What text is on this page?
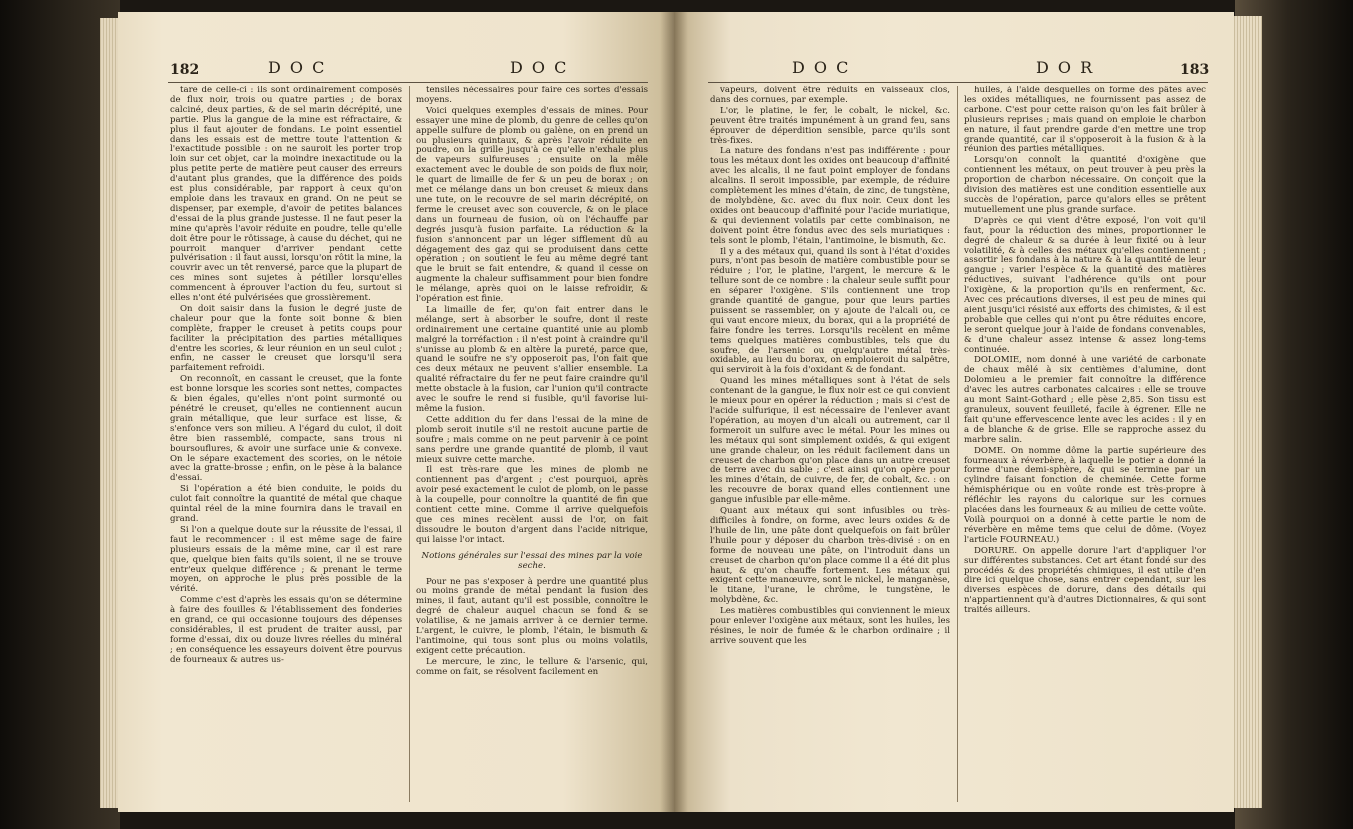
182	D O C	D O C

tare de celle-ci : ils sont ordinairement composés de flux noir, trois ou quatre parties ; de borax calciné, deux parties, & de sel marin décrépité, une partie. Plus la gangue de la mine est réfractaire, & plus il faut ajouter de fondans. Le point essentiel dans les essais est de mettre toute l'attention & l'exactitude possible : on ne sauroit les porter trop loin sur cet objet, car la moindre inexactitude ou la plus petite perte de matière peut causer des erreurs d'autant plus grandes, que la différence des poids est plus considérable, par rapport à ceux qu'on emploie dans les travaux en grand. On ne peut se dispenser, par exemple, d'avoir de petites balances d'essai de la plus grande justesse. Il ne faut peser la mine qu'après l'avoir réduite en poudre, telle qu'elle doit être pour le rôtissage, à cause du déchet, qui ne pourroit manquer d'arriver pendant cette pulvérisation : il faut aussi, lorsqu'on rôtit la mine, la couvrir avec un têt renversé, parce que la plupart de ces mines sont sujetes à pétiller lorsqu'elles commencent à éprouver l'action du feu, surtout si elles n'ont été pulvérisées que grossièrement.

On doit saisir dans la fusion le degré juste de chaleur pour que la fonte soit bonne & bien complète, frapper le creuset à petits coups pour faciliter la précipitation des parties métalliques d'entre les scories, & leur réunion en un seul culot ; enfin, ne casser le creuset que lorsqu'il sera parfaitement refroidi.

On reconnoît, en cassant le creuset, que la fonte est bonne lorsque les scories sont nettes, compactes & bien égales, qu'elles n'ont point surmonté ou pénétré le creuset, qu'elles ne contiennent aucun grain métallique, que leur surface est lisse, & s'enfonce vers son milieu. A l'égard du culot, il doit être bien rassemblé, compacte, sans trous ni boursouflures, & avoir une surface unie & convexe. On le sépare exactement des scories, on le nétoie avec la gratte-brosse ; enfin, on le pèse à la balance d'essai.

Si l'opération a été bien conduite, le poids du culot fait connoître la quantité de métal que chaque quintal réel de la mine fournira dans le travail en grand.

Si l'on a quelque doute sur la réussite de l'essai, il faut le recommencer : il est même sage de faire plusieurs essais de la même mine, car il est rare que, quelque bien faits qu'ils soient, il ne se trouve entr'eux quelque différence ; & prenant le terme moyen, on approche le plus près possible de la vérité.

Comme c'est d'après les essais qu'on se détermine à faire des fouilles & l'établissement des fonderies en grand, ce qui occasionne toujours des dépenses considérables, il est prudent de traiter aussi, par forme d'essai, dix ou douze livres réelles du minéral ; en conséquence les essayeurs doivent être pourvus de fourneaux & autres us-

tensiles nécessaires pour faire ces sortes d'essais moyens.

Voici quelques exemples d'essais de mines. Pour essayer une mine de plomb, du genre de celles qu'on appelle sulfure de plomb ou galène, on en prend un ou plusieurs quintaux, & après l'avoir réduite en poudre, on la grille jusqu'à ce qu'elle n'exhale plus de vapeurs sulfureuses ; ensuite on la mêle exactement avec le double de son poids de flux noir, le quart de limaille de fer & un peu de borax ; on met ce mélange dans un bon creuset & mieux dans une tute, on le recouvre de sel marin décrépité, on ferme le creuset avec son couvercle, & on le place dans un fourneau de fusion, où on l'échauffe par degrés jusqu'à fusion parfaite. La réduction & la fusion s'annoncent par un léger sifflement dû au dégagement des gaz qui se produisent dans cette opération ; on soutient le feu au même degré tant que le bruit se fait entendre, & quand il cesse on augmente la chaleur suffisamment pour bien fondre le mélange, après quoi on le laisse refroidir, & l'opération est finie.

La limaille de fer, qu'on fait entrer dans le mélange, sert à absorber le soufre, dont il reste ordinairement une certaine quantité unie au plomb malgré la torréfaction : il n'est point à craindre qu'il s'unisse au plomb & en altère la pureté, parce que, quand le soufre ne s'y opposeroit pas, l'on fait que ces deux métaux ne peuvent s'allier ensemble. La qualité réfractaire du fer ne peut faire craindre qu'il mette obstacle à la fusion, car l'union qu'il contracte avec le soufre le rend si fusible, qu'il favorise lui-même la fusion.

Cette addition du fer dans l'essai de la mine de plomb seroit inutile s'il ne restoit aucune partie de soufre ; mais comme on ne peut parvenir à ce point sans perdre une grande quantité de plomb, il vaut mieux suivre cette marche.

Il est très-rare que les mines de plomb ne contiennent pas d'argent ; c'est pourquoi, après avoir pesé exactement le culot de plomb, on le passe à la coupelle, pour connoître la quantité de fin que contient cette mine. Comme il arrive quelquefois que ces mines recèlent aussi de l'or, on fait dissoudre le bouton d'argent dans l'acide nitrique, qui laisse l'or intact.

Notions générales sur l'essai des mines par la voie seche.

Pour ne pas s'exposer à perdre une quantité plus ou moins grande de métal pendant la fusion des mines, il faut, autant qu'il est possible, connoître le degré de chaleur auquel chacun se fond & se volatilise, & ne jamais arriver à ce dernier terme. L'argent, le cuivre, le plomb, l'étain, le bismuth & l'antimoine, qui tous sont plus ou moins volatils, exigent cette précaution.

Le mercure, le zinc, le tellure & l'arsenic, qui, comme on fait, se résolvent facilement en

D O C	D O R	183

vapeurs, doivent être réduits en vaisseaux clos, dans des cornues, par exemple.

L'or, le platine, le fer, le cobalt, le nickel, &c. peuvent être traités impunément à un grand feu, sans éprouver de déperdition sensible, parce qu'ils sont très-fixes.

La nature des fondans n'est pas indifférente : pour tous les métaux dont les oxides ont beaucoup d'affinité avec les alcalis, il ne faut point employer de fondans alcalins. Il seroit impossible, par exemple, de réduire complètement les mines d'étain, de zinc, de tungstène, de molybdène, &c. avec du flux noir. Ceux dont les oxides ont beaucoup d'affinité pour l'acide muriatique, & qui deviennent volatils par cette combinaison, ne doivent point être fondus avec des sels muriatiques : tels sont le plomb, l'étain, l'antimoine, le bismuth, &c.

Il y a des métaux qui, quand ils sont à l'état d'oxides purs, n'ont pas besoin de matière combustible pour se réduire ; l'or, le platine, l'argent, le mercure & le tellure sont de ce nombre : la chaleur seule suffit pour en séparer l'oxigène. S'ils contiennent une trop grande quantité de gangue, pour que leurs parties puissent se rassembler, on y ajoute de l'alcali ou, ce qui vaut encore mieux, du borax, qui a la propriété de faire fondre les terres. Lorsqu'ils recèlent en même tems quelques matières combustibles, tels que du soufre, de l'arsenic ou quelqu'autre métal très-oxidable, au lieu du borax, on emploieroit du salpêtre, qui serviroit à la fois d'oxidant & de fondant.

Quand les mines métalliques sont à l'état de sels contenant de la gangue, le flux noir est ce qui convient le mieux pour en opérer la réduction ; mais si c'est de l'acide sulfurique, il est nécessaire de l'enlever avant l'opération, au moyen d'un alcali ou autrement, car il formeroit un sulfure avec le métal. Pour les mines ou les métaux qui sont simplement oxidés, & qui exigent une grande chaleur, on les réduit facilement dans un creuset de charbon qu'on place dans un autre creuset de terre avec du sable ; c'est ainsi qu'on opère pour les mines d'étain, de cuivre, de fer, de cobalt, &c. : on les recouvre de borax quand elles contiennent une gangue infusible par elle-même.

Quant aux métaux qui sont infusibles ou très-difficiles à fondre, on forme, avec leurs oxides & de l'huile de lin, une pâte dont quelquefois on fait brûler l'huile pour y déposer du charbon très-divisé : on en forme de nouveau une pâte, on l'introduit dans un creuset de charbon qu'on place comme il a été dit plus haut, & qu'on chauffe fortement. Les métaux qui exigent cette manœuvre, sont le nickel, le manganèse, le titane, l'urane, le chrôme, le tungstène, le molybdène, &c.

Les matières combustibles qui conviennent le mieux pour enlever l'oxigène aux métaux, sont les huiles, les résines, le noir de fumée & le charbon ordinaire ; il arrive souvent que les

huiles, à l'aide desquelles on forme des pâtes avec les oxides métalliques, ne fournissent pas assez de carbone. C'est pour cette raison qu'on les fait brûler à plusieurs reprises ; mais quand on emploie le charbon en nature, il faut prendre garde d'en mettre une trop grande quantité, car il s'opposeroit à la fusion & à la réunion des parties métalliques.

Lorsqu'on connoît la quantité d'oxigène que contiennent les métaux, on peut trouver à peu près la proportion de charbon nécessaire. On conçoit que la division des matières est une condition essentielle aux succès de l'opération, parce qu'alors elles se prêtent mutuellement une plus grande surface.

D'après ce qui vient d'être exposé, l'on voit qu'il faut, pour la réduction des mines, proportionner le degré de chaleur & sa durée à leur fixité ou à leur volatilité, & à celles des métaux qu'elles contiennent ; assortir les fondans à la nature & à la quantité de leur gangue ; varier l'espèce & la quantité des matières réductives, suivant l'adhérence qu'ils ont pour l'oxigène, & la proportion qu'ils en renferment, &c. Avec ces précautions diverses, il est peu de mines qui aient jusqu'ici résisté aux efforts des chimistes, & il est probable que celles qui n'ont pu être réduites encore, le seront quelque jour à l'aide de fondans convenables, & d'une chaleur assez intense & assez long-tems continuée.

DOLOMIE, nom donné à une variété de carbonate de chaux mêlé à six centièmes d'alumine, dont Dolomieu a le premier fait connoître la différence d'avec les autres carbonates calcaires : elle se trouve au mont Saint-Gothard ; elle pèse 2,85. Son tissu est granuleux, souvent feuilleté, facile à égrener. Elle ne fait qu'une effervescence lente avec les acides : il y en a de blanche & de grise. Elle se rapproche assez du marbre salin.

DOME. On nomme dôme la partie supérieure des fourneaux à réverbère, à laquelle le potier a donné la forme d'une demi-sphère, & qui se termine par un cylindre faisant fonction de cheminée. Cette forme hémisphérique ou en voûte ronde est très-propre à réfléchir les rayons du calorique sur les cornues placées dans les fourneaux & au milieu de cette voûte. Voilà pourquoi on a donné à cette partie le nom de réverbère en même tems que celui de dôme. (Voyez l'article FOURNEAU.)

DORURE. On appelle dorure l'art d'appliquer l'or sur différentes substances. Cet art étant fondé sur des procédés & des propriétés chimiques, il est utile d'en dire ici quelque chose, sans entrer cependant, sur les diverses espèces de dorure, dans des détails qui n'appartiennent qu'à d'autres Dictionnaires, & qui sont traités ailleurs.
